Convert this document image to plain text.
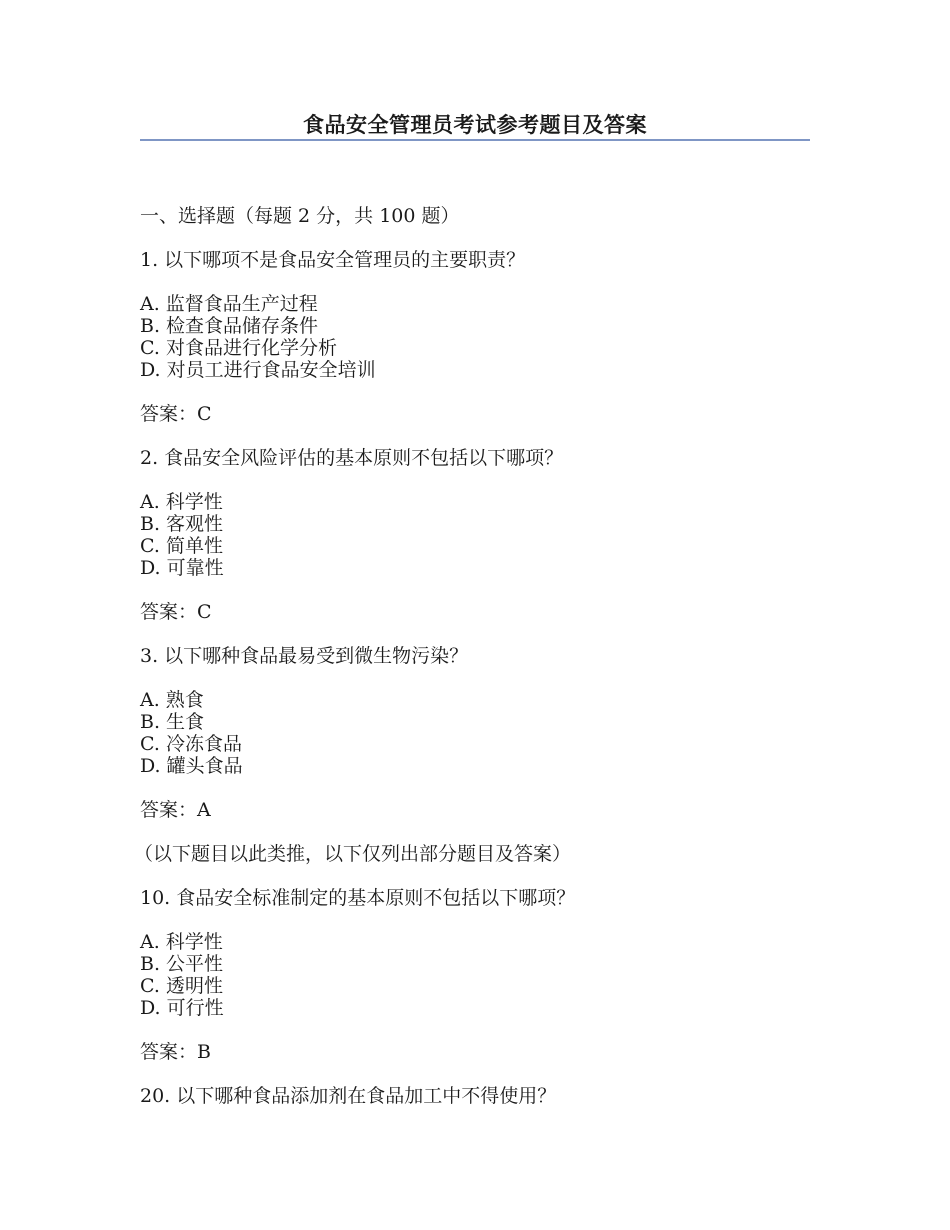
食品安全管理员考试参考题目及答案

一、选择题（每题 2 分，共 100 题）

1. 以下哪项不是食品安全管理员的主要职责？

A. 监督食品生产过程

B. 检查食品储存条件

C. 对食品进行化学分析

D. 对员工进行食品安全培训

答案：C

2. 食品安全风险评估的基本原则不包括以下哪项？

A. 科学性

B. 客观性

C. 简单性

D. 可靠性

答案：C

3. 以下哪种食品最易受到微生物污染？

A. 熟食

B. 生食

C. 冷冻食品

D. 罐头食品

答案：A

（以下题目以此类推，以下仅列出部分题目及答案）

10. 食品安全标准制定的基本原则不包括以下哪项？

A. 科学性

B. 公平性

C. 透明性

D. 可行性

答案：B

20. 以下哪种食品添加剂在食品加工中不得使用？
